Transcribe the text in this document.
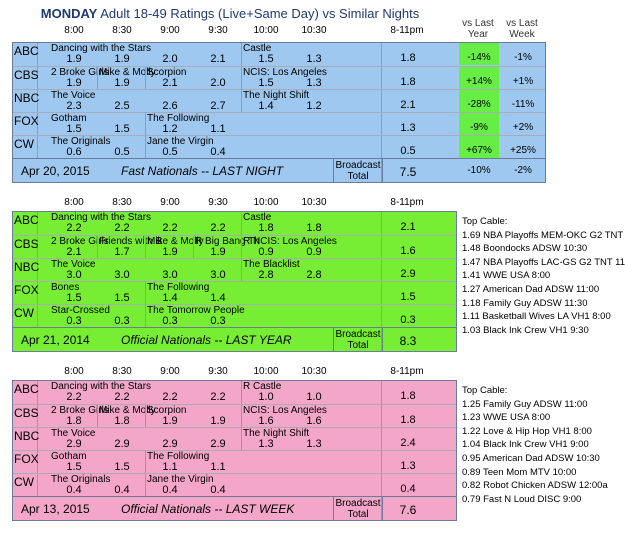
MONDAY Adult 18-49 Ratings (Live+Same Day) vs Similar Nights
vs Last
Year
vs Last
Week
8:00	8:30	9:00	9:30	10:00	10:30	8-11pm
ABC	Dancing with the Stars	Castle
1.9	1.9	2.0	2.1	1.5	1.3	1.8	-14%	-1%
CBS	2 Broke Girls
Mike & Molly
Scorpion	NCIS: Los Angeles
1.9	1.9	2.1	2.0	1.5	1.3	1.8	+14%	+1%
NBC	The Voice	The Night Shift
2.3	2.5	2.6	2.7	1.4	1.2	2.1	-28%	-11%
FOX	Gotham	The Following
1.5	1.5	1.2	1.1	1.3	-9%	+2%
CW	The Originals	Jane the Virgin
0.6	0.5	0.5	0.4	0.5	+67%	+25%
Apr 20, 2015	Fast Nationals -- LAST NIGHT	Broadcast
Total	7.5	-10%	-2%
8:00	8:30	9:00	9:30	10:00	10:30	8-11pm
ABC	Dancing with the Stars	Castle
2.2	2.2	2.2	2.2	1.8	1.8	2.1
CBS	2 Broke Girls
Friends with B
Mike & Molly
R Big Bang Th
R NCIS: Los Angeles
2.1	1.7	1.9	1.9	0.9	0.9	1.6
NBC	The Voice	The Blacklist
3.0	3.0	3.0	3.0	2.8	2.8	2.9
FOX	Bones	The Following
1.5	1.5	1.4	1.4	1.5
CW	Star-Crossed	The Tomorrow People
0.3	0.3	0.3	0.3	0.3
Apr 21, 2014	Official Nationals -- LAST YEAR	Broadcast
Total	8.3
Top Cable:
1.69 NBA Playoffs MEM-OKC G2 TNT
1.48 Boondocks ADSW 10:30
1.47 NBA Playoffs LAC-GS G2 TNT 11
1.41 WWE USA 8:00
1.27 American Dad ADSW 11:00
1.18 Family Guy ADSW 11:30
1.11 Basketball Wives LA VH1 8:00
1.03 Black Ink Crew VH1 9:30
8:00	8:30	9:00	9:30	10:00	10:30	8-11pm
ABC	Dancing with the Stars	R Castle
2.2	2.2	2.2	2.2	1.0	1.0	1.8
CBS	2 Broke Girls
Mike & Molly
Scorpion	NCIS: Los Angeles
1.8	1.8	1.9	1.9	1.6	1.6	1.8
NBC	The Voice	The Night Shift
2.9	2.9	2.9	2.9	1.3	1.3	2.4
FOX	Gotham	The Following
1.5	1.5	1.1	1.1	1.3
CW	The Originals	Jane the Virgin
0.4	0.4	0.4	0.4	0.4
Apr 13, 2015	Official Nationals -- LAST WEEK	Broadcast
Total	7.6
Top Cable:
1.25 Family Guy ADSW 11:00
1.23 WWE USA 8:00
1.22 Love & Hip Hop VH1 8:00
1.04 Black Ink Crew VH1 9:00
0.95 American Dad ADSW 10:30
0.89 Teen Mom MTV 10:00
0.82 Robot Chicken ADSW 12:00a
0.79 Fast N Loud DISC 9:00
